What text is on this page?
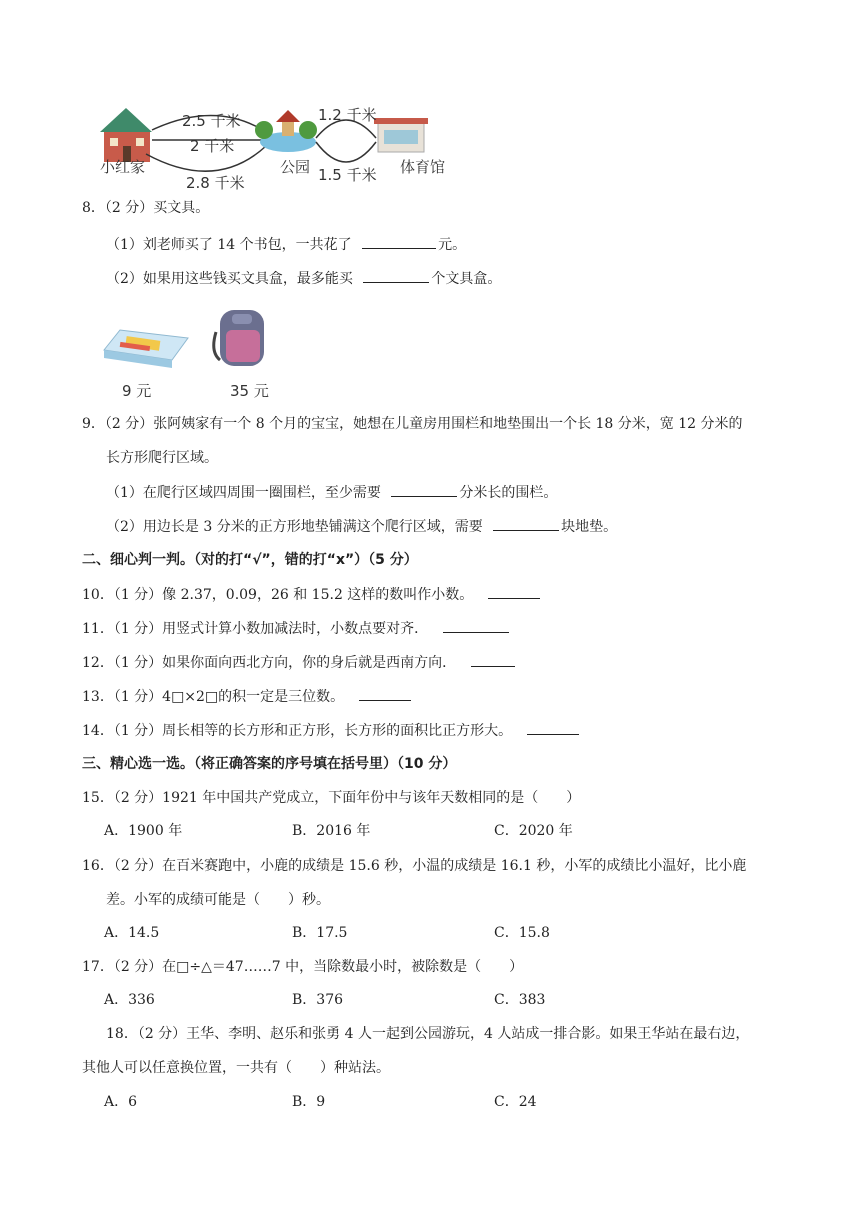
小红家
2.5 千米
2 千米
2.8 千米
公园
1.2 千米
1.5 千米 体育馆
8．（2 分）买文具。
（1）刘老师买了 14 个书包，一共花了	元。
（2）如果用这些钱买文具盒，最多能买	个文具盒。
9 元	35 元
9．（2 分）张阿姨家有一个 8 个月的宝宝，她想在儿童房用围栏和地垫围出一个长 18 分米，宽 12 分米的
长方形爬行区域。
（1）在爬行区域四周围一圈围栏，至少需要	分米长的围栏。
（2）用边长是 3 分米的正方形地垫铺满这个爬行区域，需要	块地垫。
二、细心判一判。（对的打“√”，错的打“x”）（5 分）
10．（1 分）像 2.37，0.09，26 和 15.2 这样的数叫作小数。
11．（1 分）用竖式计算小数加减法时，小数点要对齐．
12．（1 分）如果你面向西北方向，你的身后就是西南方向．
13．（1 分）4□×2□的积一定是三位数。
14．（1 分）周长相等的长方形和正方形，长方形的面积比正方形大。
三、精心选一选。（将正确答案的序号填在括号里）（10 分）
15．（2 分）1921 年中国共产党成立，下面年份中与该年天数相同的是（　　）
A．1900 年	B．2016 年	C．2020 年
16．（2 分）在百米赛跑中，小鹿的成绩是 15.6 秒，小温的成绩是 16.1 秒，小军的成绩比小温好，比小鹿
差。小军的成绩可能是（　　）秒。
A．14.5	B．17.5	C．15.8
17．（2 分）在□÷△＝47……7 中，当除数最小时，被除数是（　　）
A．336	B．376	C．383
18．（2 分）王华、李明、赵乐和张勇 4 人一起到公园游玩，4 人站成一排合影。如果王华站在最右边，
其他人可以任意换位置，一共有（　　）种站法。
A．6	B．9	C．24
